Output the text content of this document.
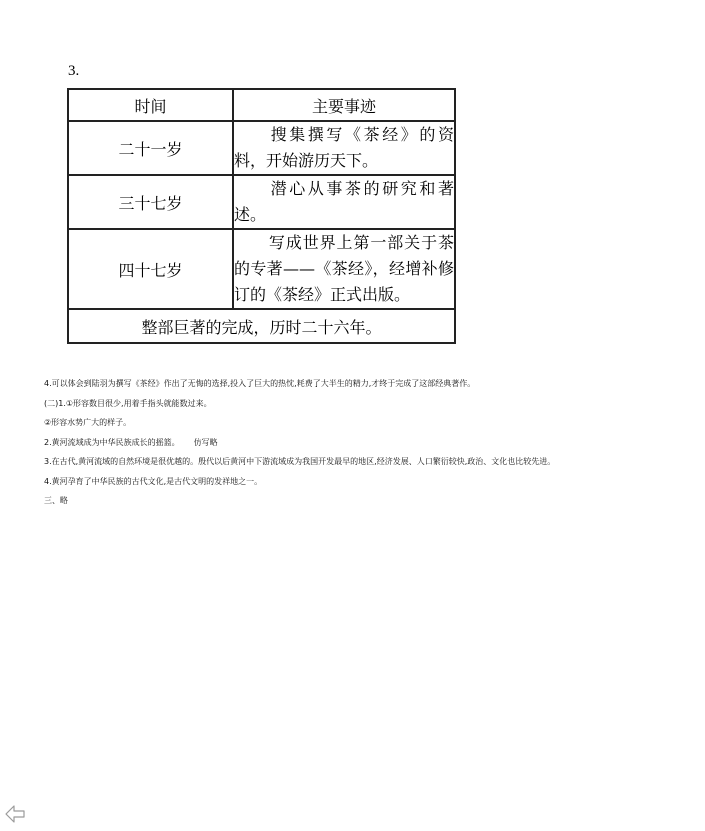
3.
时间	主要事迹
二十一岁	搜集撰写《茶经》的资料，开始游历天下。
三十七岁	潜心从事茶的研究和著述。
四十七岁	写成世界上第一部关于茶的专著——《茶经》，经增补修订的《茶经》正式出版。
整部巨著的完成，历时二十六年。	

4.可以体会到陆羽为撰写《茶经》作出了无悔的选择,投入了巨大的热忱,耗费了大半生的精力,才终于完成了这部经典著作。

(二)1.①形容数目很少,用着手指头就能数过来。

②形容水势广大的样子。

2.黄河流域成为中华民族成长的摇篮。 仿写略

3.在古代,黄河流域的自然环境是很优越的。殷代以后黄河中下游流域成为我国开发最早的地区,经济发展、人口繁衍较快,政治、文化也比较先进。

4.黄河孕育了中华民族的古代文化,是古代文明的发祥地之一。

三、略
